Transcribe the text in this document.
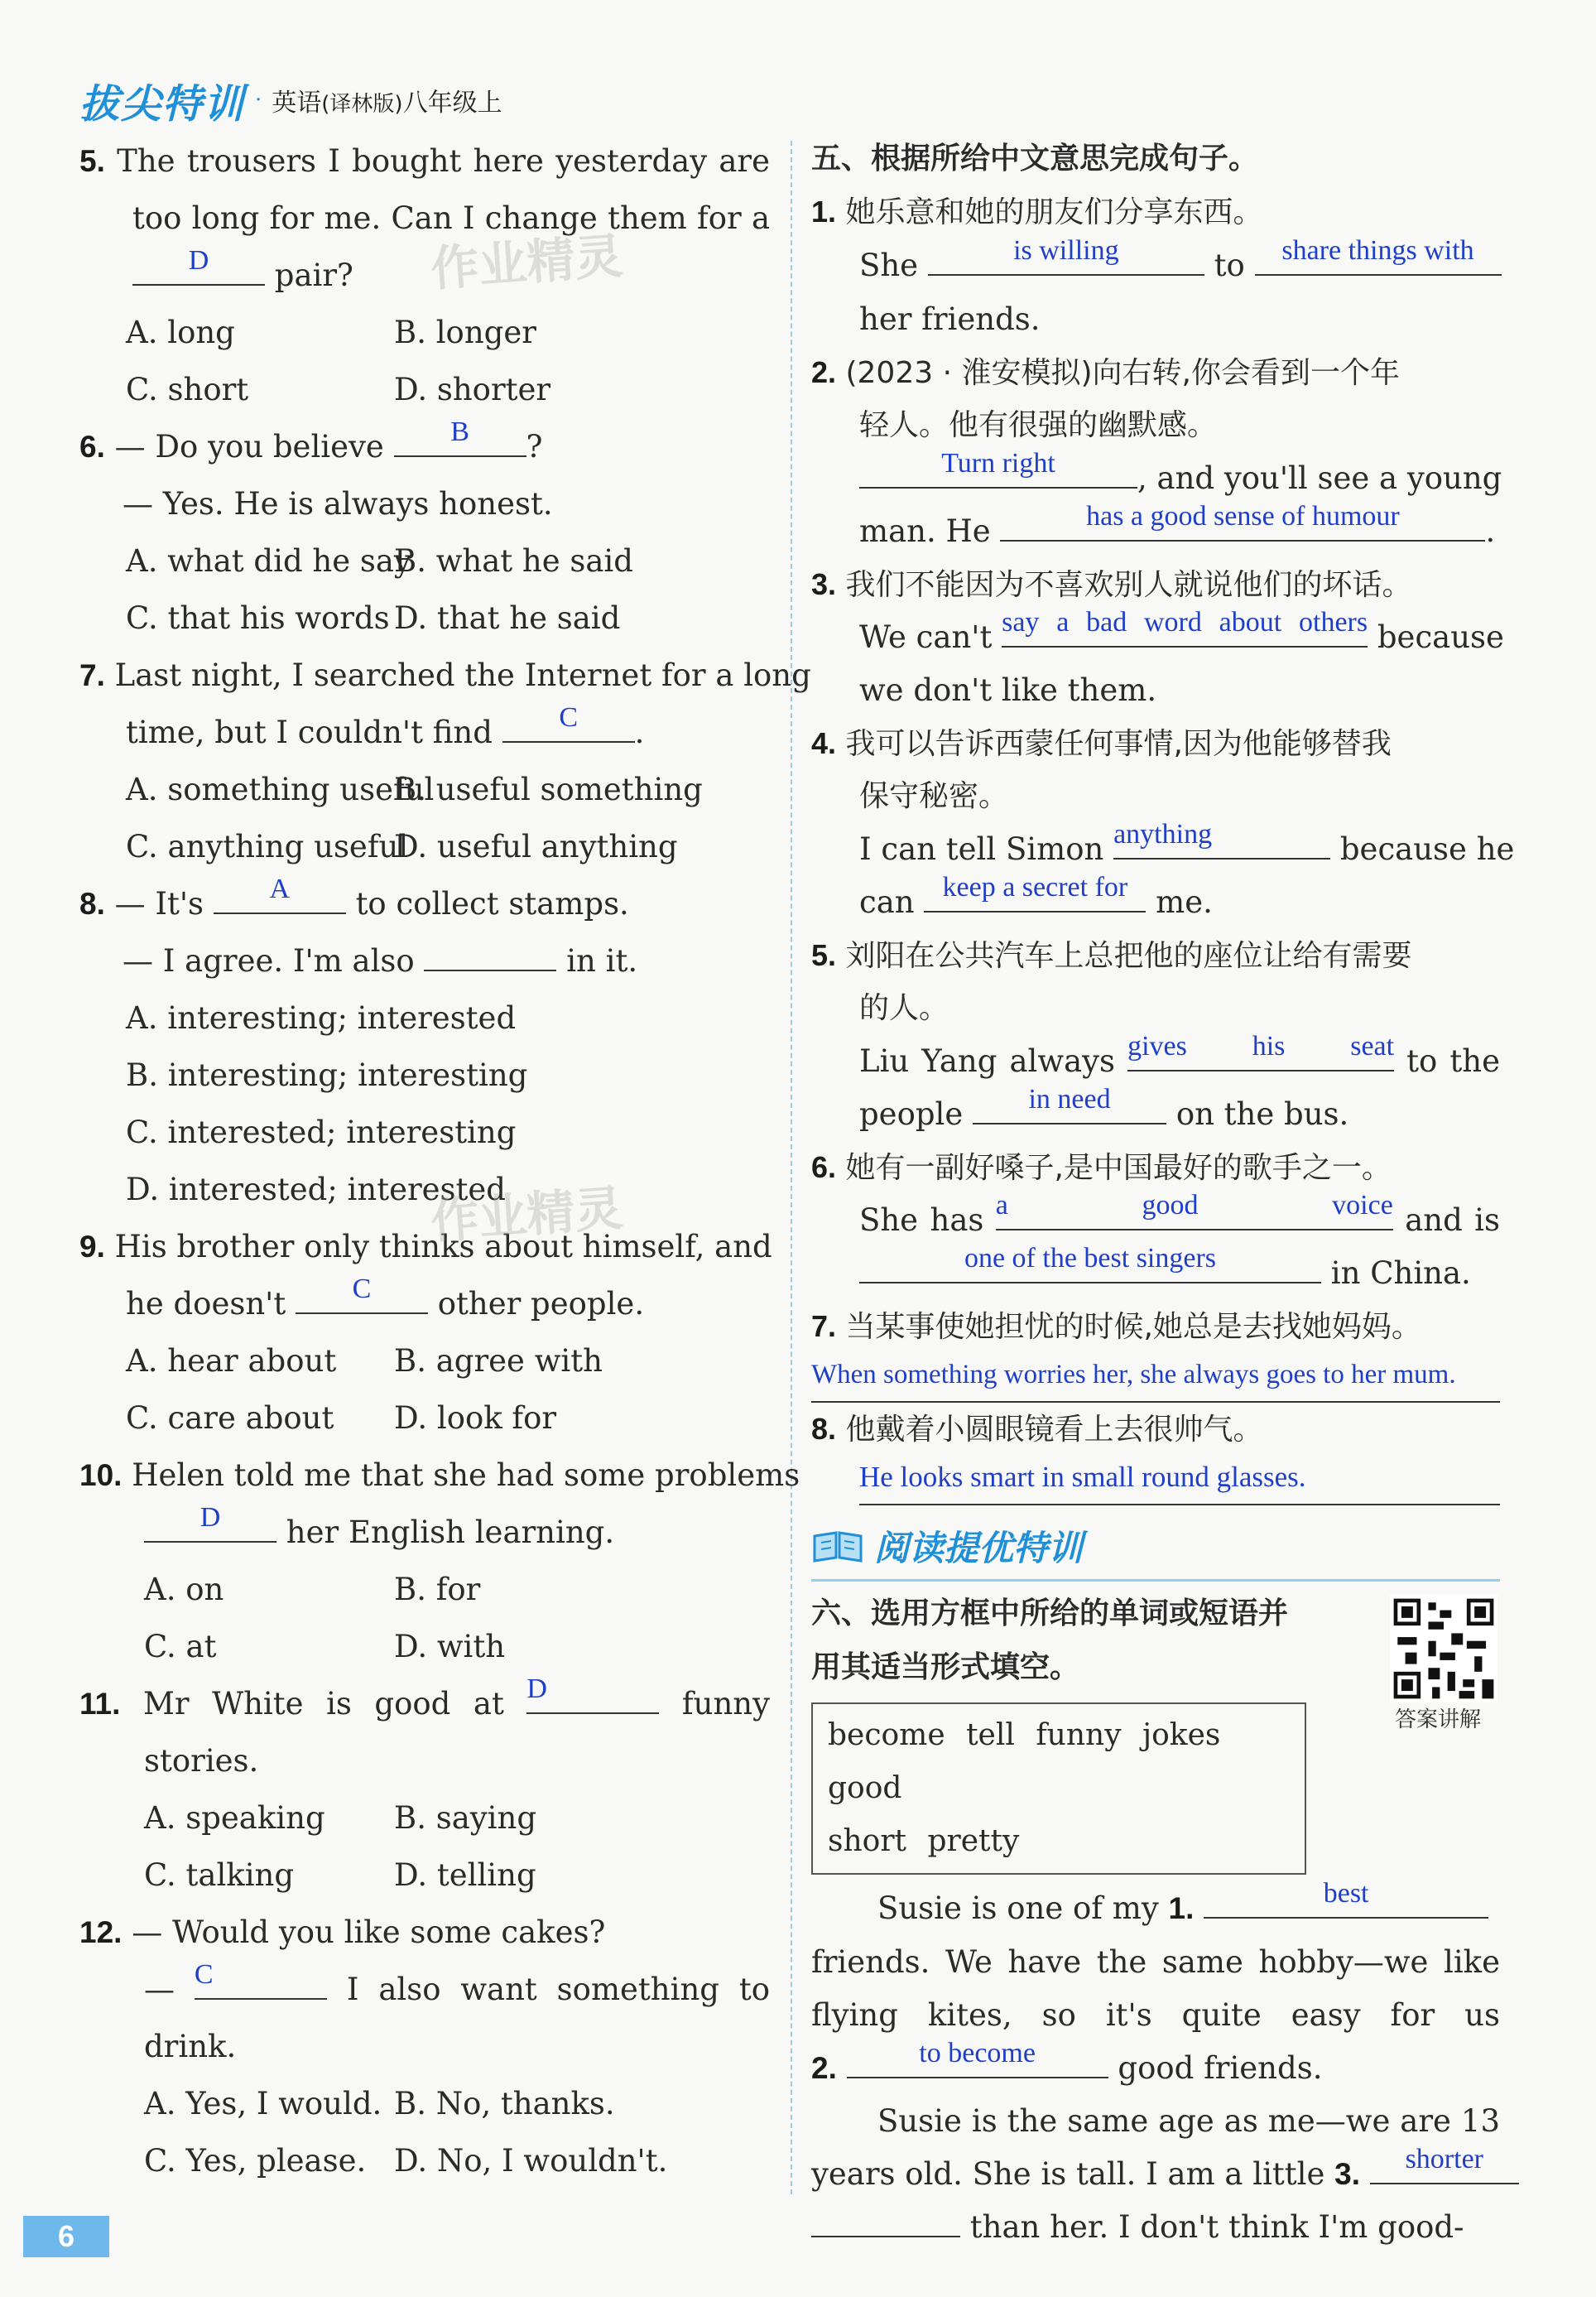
拔尖特训 · 英语(译林版)八年级上
5. The trousers I bought here yesterday are
too long for me. Can I change them for a
D	pair?
A. long	B. longer
C. short	D. shorter
6. — Do you believe	B	?
— Yes. He is always honest.
A. what did he say
B. what he said
C. that his words D. that he said
7. Last night, I searched the Internet for a long
time, but I couldn't find	C	.
A. something useful
B. useful something
C. anything useful
D. useful anything
8. — It's	A	to collect stamps.
— I agree. I'm also	in it.
A. interesting; interested
B. interesting; interesting
C. interested; interesting
D. interested; interested
9. His brother only thinks about himself, and
he doesn't	C	other people.
A. hear about	B. agree with
C. care about	D. look for
10. Helen told me that she had some problems
D	her English learning.
A. on	B. for
C. at	D. with
11. Mr White is good at D	funny
stories.
A. speaking	B. saying
C. talking	D. telling
12. — Would you like some cakes?
— C	I also want something to
drink.
A. Yes, I would. B. No, thanks.
C. Yes, please. D. No, I wouldn't.
五、根据所给中文意思完成句子。
1. 她乐意和她的朋友们分享东西。
She	is willing	to	share things with
her friends.
2. (2023 · 淮安模拟)向右转,你会看到一个年
轻人。他有很强的幽默感。
Turn right	, and you'll see a young
man. He	has a good sense of humour	.
3. 我们不能因为不喜欢别人就说他们的坏话。
We can't say a bad word about others because
we don't like them.
4. 我可以告诉西蒙任何事情,因为他能够替我
保守秘密。
I can tell Simon anything	because he
can keep a secret for me.
5. 刘阳在公共汽车上总把他的座位让给有需要
的人。
Liu Yang always gives his seat to the
people	in need	on the bus.
6. 她有一副好嗓子,是中国最好的歌手之一。
She has a good voice and is
one of the best singers	in China.
7. 当某事使她担忧的时候,她总是去找她妈妈。
When something worries her, she always goes to her mum.
8. 他戴着小圆眼镜看上去很帅气。
He looks smart in small round glasses.
阅读提优特训
六、选用方框中所给的单词或短语并
用其适当形式填空。
答案讲解
become tell funny jokes good
short pretty
Susie is one of my 1.	best
friends. We have the same hobby—we like
flying kites, so it's quite easy for us
2.	to become	good friends.
Susie is the same age as me—we are 13
years old. She is tall. I am a little 3.	shorter
than her. I don't think I'm good-
作业精灵
作业精灵
6
